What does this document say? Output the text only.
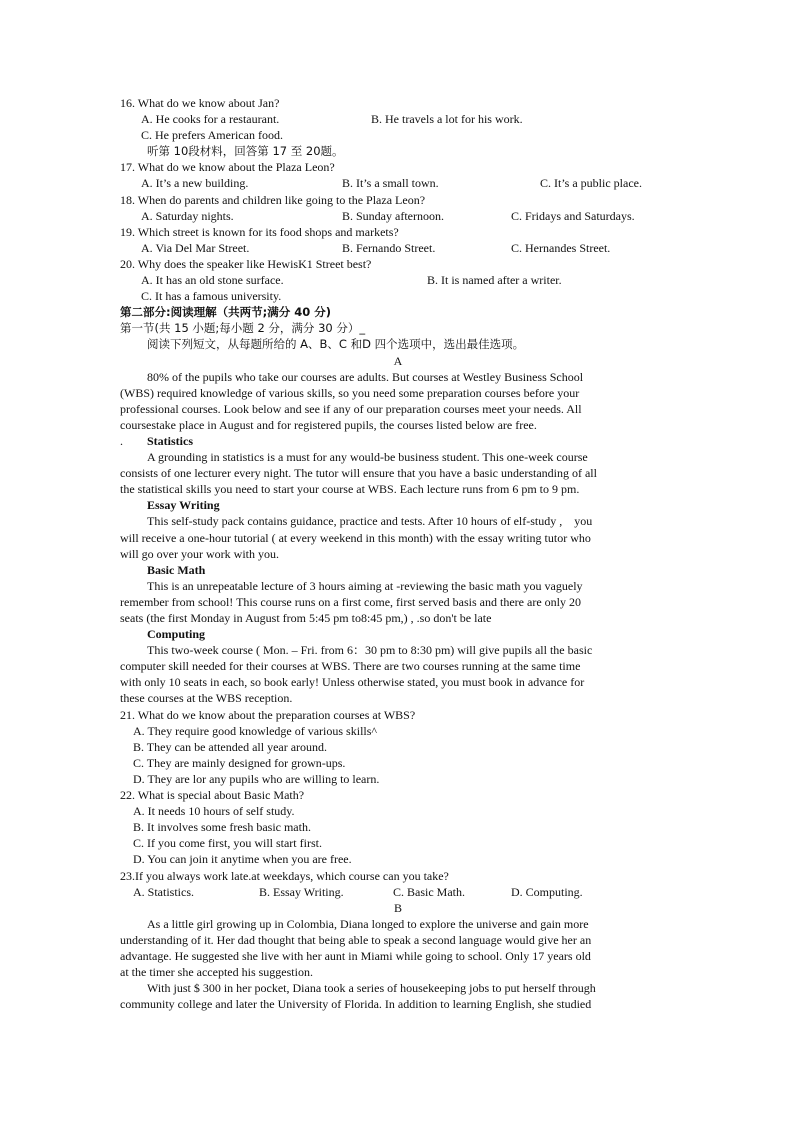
16. What do we know about Jan?
A. He cooks for a restaurant.	B. He travels a lot for his work.
C. He prefers American food.
听第 10段材料，回答第 17 至 20题。
17. What do we know about the Plaza Leon?
A. It’s a new building.	B. It’s a small town.	C. It’s a public place.
18. When do parents and children like going to the Plaza Leon?
A. Saturday nights.	B. Sunday afternoon.	C. Fridays and Saturdays.
19. Which street is known for its food shops and markets?
A. Via Del Mar Street.	B. Fernando Street.	C. Hernandes Street.
20. Why does the speaker like HewisK1 Street best?
A. It has an old stone surface.	B. It is named after a writer.
C. It has a famous university.
第二部分:阅读理解（共两节;满分 40 分)
第一节(共 15 小题;每小题 2 分，满分 30 分）_
阅读下列短文，从每题所给的 A、B、C 和D 四个选项中，选出最佳选项。
A
80% of the pupils who take our courses are adults. But courses at Westley Business School
(WBS) required knowledge of various skills, so you need some preparation courses before your
professional courses. Look below and see if any of our preparation courses meet your needs. All
coursestake place in August and for registered pupils, the courses listed below are free.
. Statistics
A grounding in statistics is a must for any would-be business student. This one-week course
consists of one lecturer every night. The tutor will ensure that you have a basic understanding of all
the statistical skills you need to start your course at WBS. Each lecture runs from 6 pm to 9 pm.
Essay Writing
This self-study pack contains guidance, practice and tests. After 10 hours of elf-study ,    you
will receive a one-hour tutorial ( at every weekend in this month) with the essay writing tutor who
will go over your work with you.
Basic Math
This is an unrepeatable lecture of 3 hours aiming at -reviewing the basic math you vaguely
remember from school! This course runs on a first come, first served basis and there are only 20
seats (the first Monday in August from 5:45 pm to8:45 pm,) , .so don't be late
Computing
This two-week course ( Mon. – Fri. from 6：30 pm to 8:30 pm) will give pupils all the basic
computer skill needed for their courses at WBS. There are two courses running at the same time
with only 10 seats in each, so book early! Unless otherwise stated, you must book in advance for
these courses at the WBS reception.
21. What do we know about the preparation courses at WBS?
A. They require good knowledge of various skills^
B. They can be attended all year around.
C. They are mainly designed for grown-ups.
D. They are lor any pupils who are willing to learn.
22. What is special about Basic Math?
A. It needs 10 hours of self study.
B. It involves some fresh basic math.
C. If you come first, you will start first.
D. You can join it anytime when you are free.
23.If you always work late.at weekdays, which course can you take?
A. Statistics.	B. Essay Writing.	C. Basic Math.	D. Computing.
B
As a little girl growing up in Colombia, Diana longed to explore the universe and gain more
understanding of it. Her dad thought that being able to speak a second language would give her an
advantage. He suggested she live with her aunt in Miami while going to school. Only 17 years old
at the timer she accepted his suggestion.
With just $ 300 in her pocket, Diana took a series of housekeeping jobs to put herself through
community college and later the University of Florida. In addition to learning English, she studied
